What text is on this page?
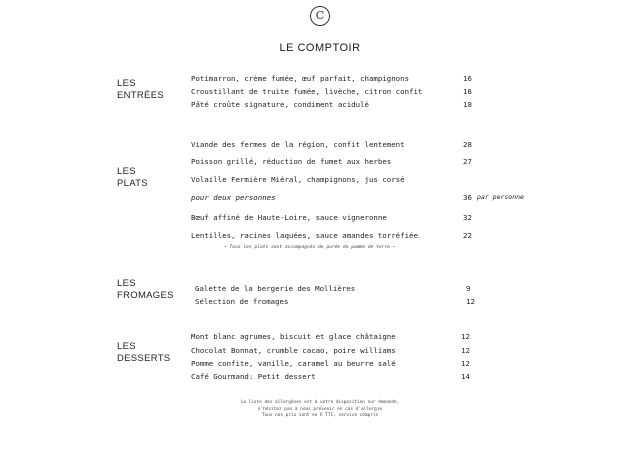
C
LE COMPTOIR
LES
ENTRÉES
Potimarron, crème fumée, œuf parfait, champignons	16
Croustillant de truite fumée, livèche, citron confit	16
Pâté croûte signature, condiment acidulé	18
LES
PLATS
Viande des fermes de la région, confit lentement	28
Poisson grillé, réduction de fumet aux herbes	27
Volaille Fermière Miéral, champignons, jus corsé
pour deux personnes	36 par personne
Bœuf affiné de Haute-Loire, sauce vigneronne	32
Lentilles, racines laquées, sauce amandes torréfiée	22
~ Tous les plats sont accompagnés de purée de pomme de terre ~
LES
FROMAGES
Galette de la bergerie des Mollières	9
Sélection de fromages	12
LES
DESSERTS
Mont blanc agrumes, biscuit et glace châtaigne	12
Chocolat Bonnat, crumble cacao, poire williams	12
Pomme confite, vanille, caramel au beurre salé	12
Café Gourmand: Petit dessert	14
La liste des allergènes est à votre disposition sur demande,
n'hésitez pas à nous prévenir en cas d'allergie
Tous nos prix sont en € TTC, service compris
